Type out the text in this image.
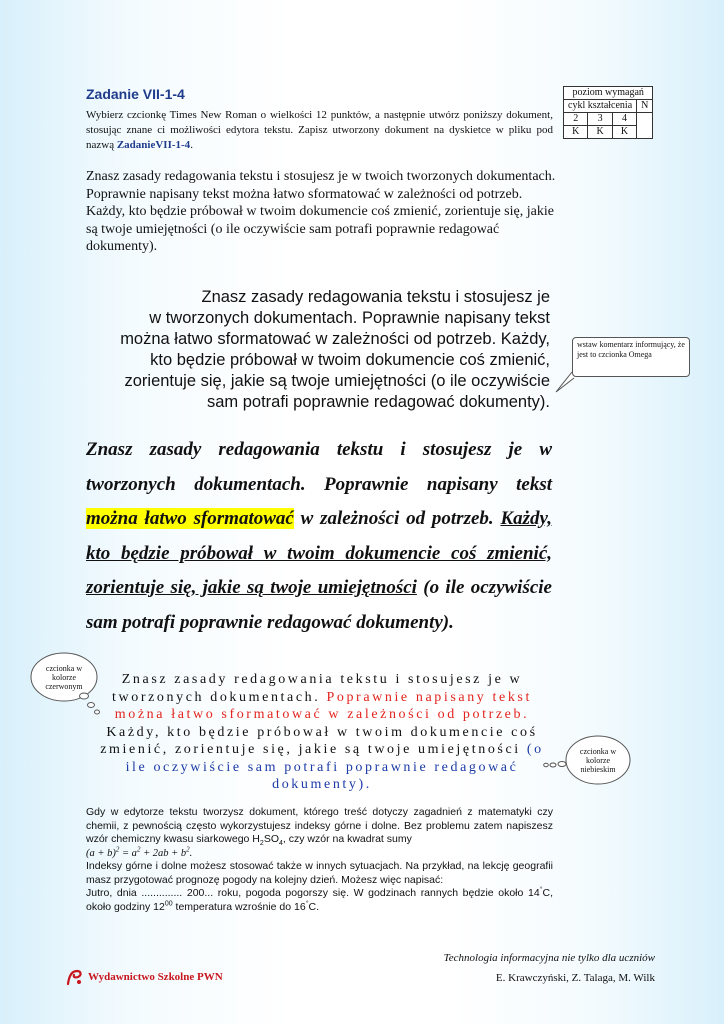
Zadanie VII-1-4
Wybierz czcionkę Times New Roman o wielkości 12 punktów, a następnie utwórz poniższy dokument, stosując znane ci możliwości edytora tekstu. Zapisz utworzony dokument na dyskietce w pliku pod nazwą ZadanieVII-1-4.
poziom wymagań			
cykl kształcenia			N
2	3	4	
K	K	K	
Znasz zasady redagowania tekstu i stosujesz je w twoich tworzonych dokumentach. Poprawnie napisany tekst można łatwo sformatować w zależności od potrzeb. Każdy, kto będzie próbował w twoim dokumencie coś zmienić, zorientuje się, jakie są twoje umiejętności (o ile oczywiście sam potrafi poprawnie redagować dokumenty).
Znasz zasady redagowania tekstu i stosujesz je
w tworzonych dokumentach. Poprawnie napisany tekst
można łatwo sformatować w zależności od potrzeb. Każdy,
kto będzie próbował w twoim dokumencie coś zmienić,
zorientuje się, jakie są twoje umiejętności (o ile oczywiście
sam potrafi poprawnie redagować dokumenty).
wstaw komentarz informujący, że jest to czcionka Omega
Znasz zasady redagowania tekstu i stosujesz je w tworzonych dokumentach. Poprawnie napisany tekst można łatwo sformatować w zależności od potrzeb. Każdy, kto będzie próbował w twoim dokumencie coś zmienić, zorientuje się, jakie są twoje umiejętności (o ile oczywiście sam potrafi poprawnie redagować dokumenty).
Znasz zasady redagowania tekstu i stosujesz je w tworzonych dokumentach. Poprawnie napisany tekst można łatwo sformatować w zależności od potrzeb. Każdy, kto będzie próbował w twoim dokumencie coś zmienić, zorientuje się, jakie są twoje umiejętności (o ile oczywiście sam potrafi poprawnie redagować dokumenty).
czcionka w kolorze czerwonym
czcionka w kolorze niebieskim
Gdy w edytorze tekstu tworzysz dokument, którego treść dotyczy zagadnień z matematyki czy chemii, z pewnością często wykorzystujesz indeksy górne i dolne. Bez problemu zatem napiszesz wzór chemiczny kwasu siarkowego $H_2SO_4$, czy wzór na kwadrat sumy
$(a + b)^2 = a^2 + 2ab + b^2$.
Indeksy górne i dolne możesz stosować także w innych sytuacjach. Na przykład, na lekcję geografii masz przygotować prognozę pogody na kolejny dzień. Możesz więc napisać:
Jutro, dnia .............. 200... roku, pogoda pogorszy się. W godzinach rannych będzie około 14°C, około godziny $12^{00}$ temperatura wzrośnie do 16°C.
Technologia informacyjna nie tylko dla uczniów
E. Krawczyński, Z. Talaga, M. Wilk
Wydawnictwo Szkolne PWN
